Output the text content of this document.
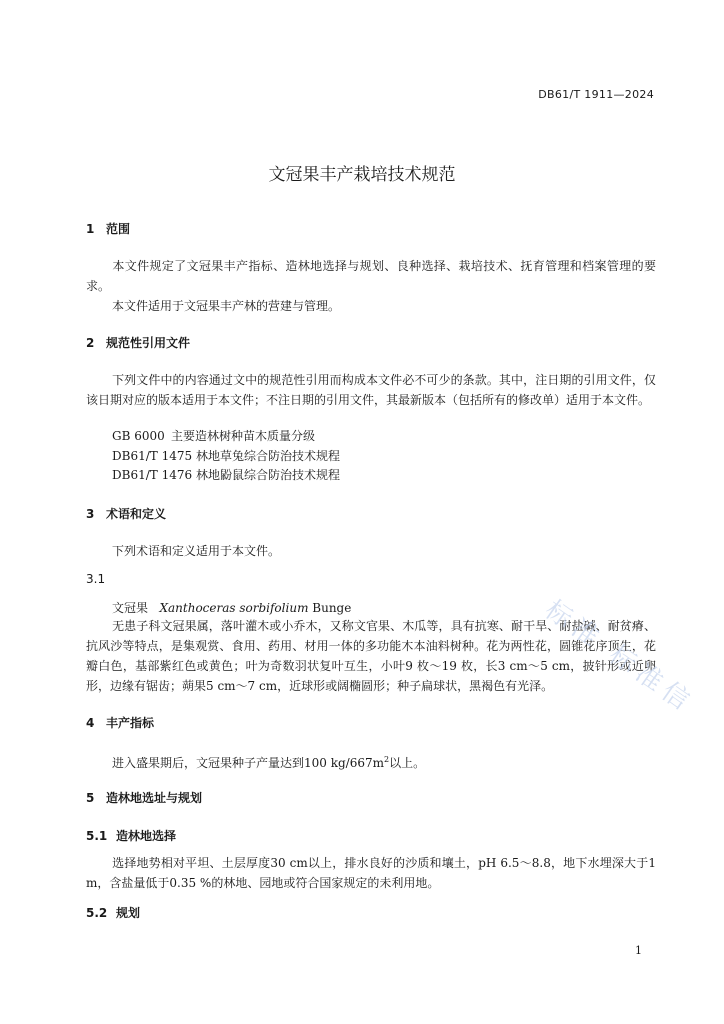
DB61/T 1911—2024
文冠果丰产栽培技术规范
1 范围
本文件规定了文冠果丰产指标、造林地选择与规划、良种选择、栽培技术、抚育管理和档案管理的要求。
本文件适用于文冠果丰产林的营建与管理。
2 规范性引用文件
下列文件中的内容通过文中的规范性引用而构成本文件必不可少的条款。其中，注日期的引用文件，仅该日期对应的版本适用于本文件；不注日期的引用文件，其最新版本（包括所有的修改单）适用于本文件。
GB 6000 主要造林树种苗木质量分级
DB61/T 1475 林地草兔综合防治技术规程
DB61/T 1476 林地鼢鼠综合防治技术规程
3 术语和定义
下列术语和定义适用于本文件。
3.1
文冠果 Xanthoceras sorbifolium Bunge
无患子科文冠果属，落叶灌木或小乔木，又称文官果、木瓜等，具有抗寒、耐干旱、耐盐碱、耐贫瘠、抗风沙等特点，是集观赏、食用、药用、材用一体的多功能木本油料树种。花为两性花，圆锥花序顶生，花瓣白色，基部紫红色或黄色；叶为奇数羽状复叶互生，小叶9 枚～19 枚，长3 cm～5 cm，披针形或近卵形，边缘有锯齿；蒴果5 cm～7 cm，近球形或阔椭圆形；种子扁球状，黑褐色有光泽。
4 丰产指标
进入盛果期后，文冠果种子产量达到100 $kg/667m^2$以上。
5 造林地选址与规划
5.1 造林地选择
选择地势相对平坦、土层厚度30 cm以上，排水良好的沙质和壤土，pH 6.5～8.8，地下水埋深大于1 m，含盐量低于0.35 %的林地、园地或符合国家规定的未利用地。
5.2 规划
标准 标准信
1
